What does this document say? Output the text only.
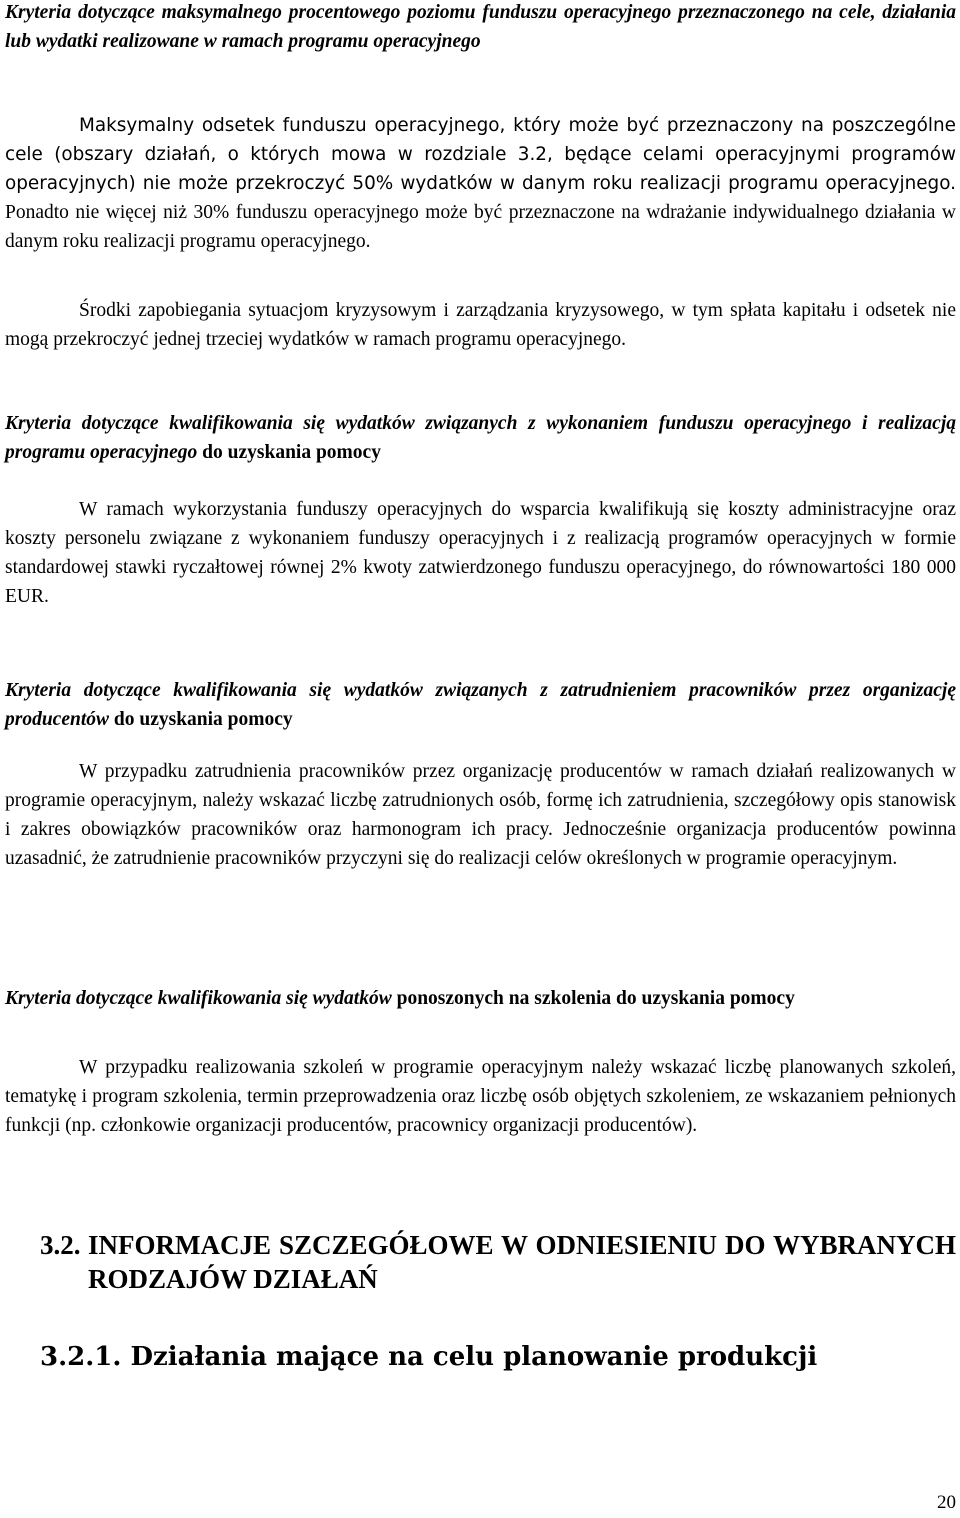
Kryteria dotyczące maksymalnego procentowego poziomu funduszu operacyjnego przeznaczonego na cele, działania lub wydatki realizowane w ramach programu operacyjnego

Maksymalny odsetek funduszu operacyjnego, który może być przeznaczony na poszczególne cele (obszary działań, o których mowa w rozdziale 3.2, będące celami operacyjnymi programów operacyjnych) nie może przekroczyć 50% wydatków w danym roku realizacji programu operacyjnego. Ponadto nie więcej niż 30% funduszu operacyjnego może być przeznaczone na wdrażanie indywidualnego działania w danym roku realizacji programu operacyjnego.

Środki zapobiegania sytuacjom kryzysowym i zarządzania kryzysowego, w tym spłata kapitału i odsetek nie mogą przekroczyć jednej trzeciej wydatków w ramach programu operacyjnego.

Kryteria dotyczące kwalifikowania się wydatków związanych z wykonaniem funduszu operacyjnego i realizacją programu operacyjnego do uzyskania pomocy

W ramach wykorzystania funduszy operacyjnych do wsparcia kwalifikują się koszty administracyjne oraz koszty personelu związane z wykonaniem funduszy operacyjnych i z realizacją programów operacyjnych w formie standardowej stawki ryczałtowej równej 2% kwoty zatwierdzonego funduszu operacyjnego, do równowartości 180 000 EUR.

Kryteria dotyczące kwalifikowania się wydatków związanych z zatrudnieniem pracowników przez organizację producentów do uzyskania pomocy

W przypadku zatrudnienia pracowników przez organizację producentów w ramach działań realizowanych w programie operacyjnym, należy wskazać liczbę zatrudnionych osób, formę ich zatrudnienia, szczegółowy opis stanowisk i zakres obowiązków pracowników oraz harmonogram ich pracy. Jednocześnie organizacja producentów powinna uzasadnić, że zatrudnienie pracowników przyczyni się do realizacji celów określonych w programie operacyjnym.

Kryteria dotyczące kwalifikowania się wydatków ponoszonych na szkolenia do uzyskania pomocy

W przypadku realizowania szkoleń w programie operacyjnym należy wskazać liczbę planowanych szkoleń, tematykę i program szkolenia, termin przeprowadzenia oraz liczbę osób objętych szkoleniem, ze wskazaniem pełnionych funkcji (np. członkowie organizacji producentów, pracownicy organizacji producentów).

3.2. INFORMACJE SZCZEGÓŁOWE W ODNIESIENIU DO WYBRANYCH RODZAJÓW DZIAŁAŃ
3.2.1. Działania mające na celu planowanie produkcji
20
